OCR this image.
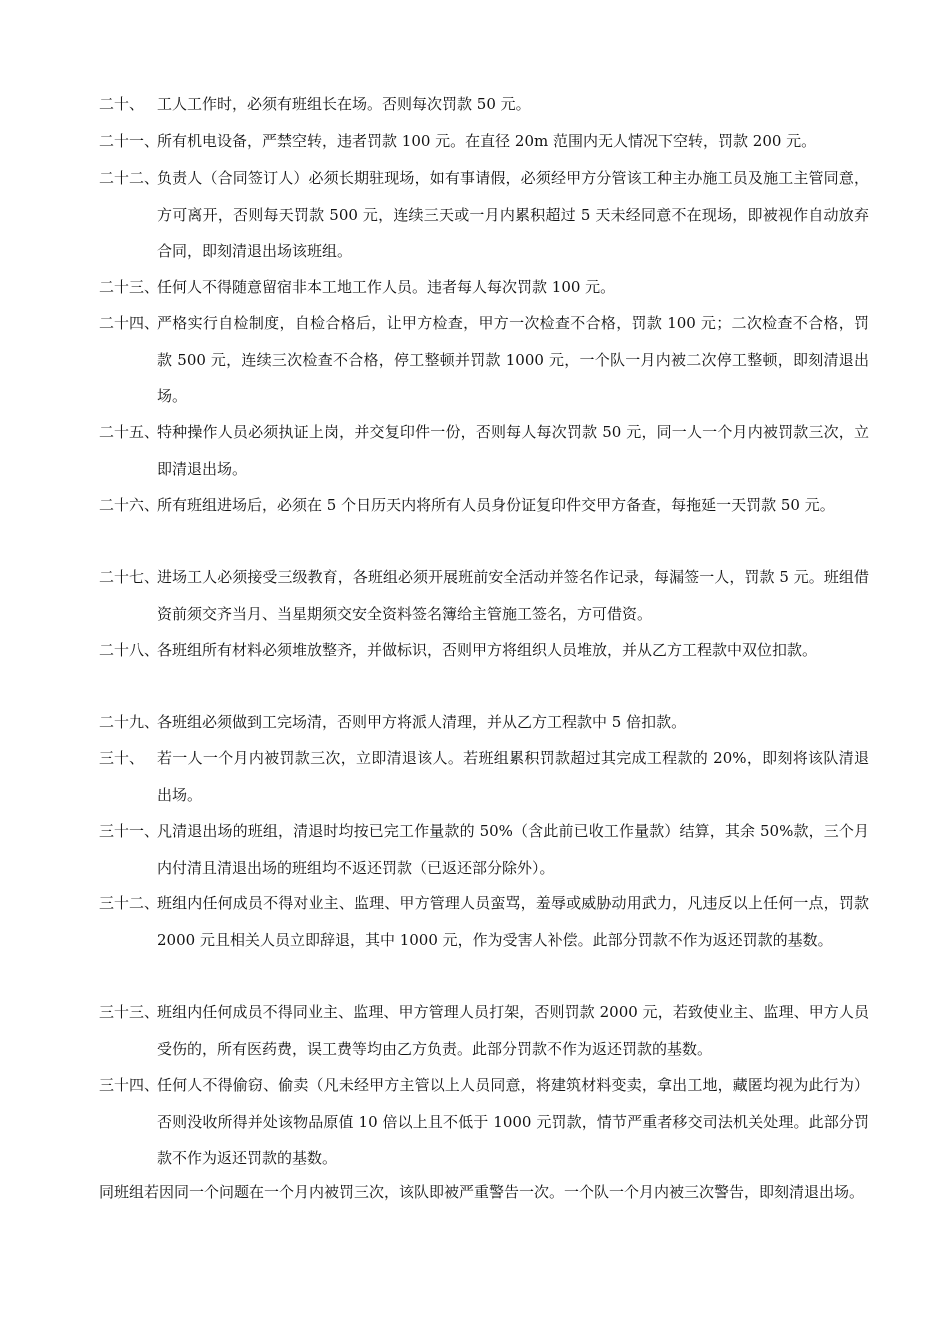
二十、 工人工作时，必须有班组长在场。否则每次罚款 50 元。
二十一、
所有机电设备，严禁空转，违者罚款 100 元。在直径 20m 范围内无人情况下空转，罚款 200 元。
二十二、
负责人（合同签订人）必须长期驻现场，如有事请假，必须经甲方分管该工种主办施工员及施工主管同意，方可离开，否则每天罚款 500 元，连续三天或一月内累积超过 5 天未经同意不在现场，即被视作自动放弃合同，即刻清退出场该班组。
二十三、
任何人不得随意留宿非本工地工作人员。违者每人每次罚款 100 元。
二十四、
严格实行自检制度，自检合格后，让甲方检查，甲方一次检查不合格，罚款 100 元；二次检查不合格，罚款 500 元，连续三次检查不合格，停工整顿并罚款 1000 元，一个队一月内被二次停工整顿，即刻清退出场。
二十五、
特种操作人员必须执证上岗，并交复印件一份，否则每人每次罚款 50 元，同一人一个月内被罚款三次，立即清退出场。
二十六、
所有班组进场后，必须在 5 个日历天内将所有人员身份证复印件交甲方备查，每拖延一天罚款 50 元。
二十七、
进场工人必须接受三级教育，各班组必须开展班前安全活动并签名作记录，每漏签一人，罚款 5 元。班组借资前须交齐当月、当星期须交安全资料签名簿给主管施工签名，方可借资。
二十八、
各班组所有材料必须堆放整齐，并做标识，否则甲方将组织人员堆放，并从乙方工程款中双位扣款。
二十九、
各班组必须做到工完场清，否则甲方将派人清理，并从乙方工程款中 5 倍扣款。
三十、 若一人一个月内被罚款三次，立即清退该人。若班组累积罚款超过其完成工程款的 20%，即刻将该队清退出场。
三十一、
凡清退出场的班组，清退时均按已完工作量款的 50%（含此前已收工作量款）结算，其余 50%款，三个月内付清且清退出场的班组均不返还罚款（已返还部分除外）。
三十二、
班组内任何成员不得对业主、监理、甲方管理人员蛮骂，羞辱或威胁动用武力，凡违反以上任何一点，罚款 2000 元且相关人员立即辞退，其中 1000 元，作为受害人补偿。此部分罚款不作为返还罚款的基数。
三十三、
班组内任何成员不得同业主、监理、甲方管理人员打架，否则罚款 2000 元，若致使业主、监理、甲方人员受伤的，所有医药费，误工费等均由乙方负责。此部分罚款不作为返还罚款的基数。
三十四、
任何人不得偷窃、偷卖（凡未经甲方主管以上人员同意，将建筑材料变卖，拿出工地，藏匿均视为此行为）否则没收所得并处该物品原值 10 倍以上且不低于 1000 元罚款，情节严重者移交司法机关处理。此部分罚款不作为返还罚款的基数。
同班组若因同一个问题在一个月内被罚三次，该队即被严重警告一次。一个队一个月内被三次警告，即刻清退出场。
